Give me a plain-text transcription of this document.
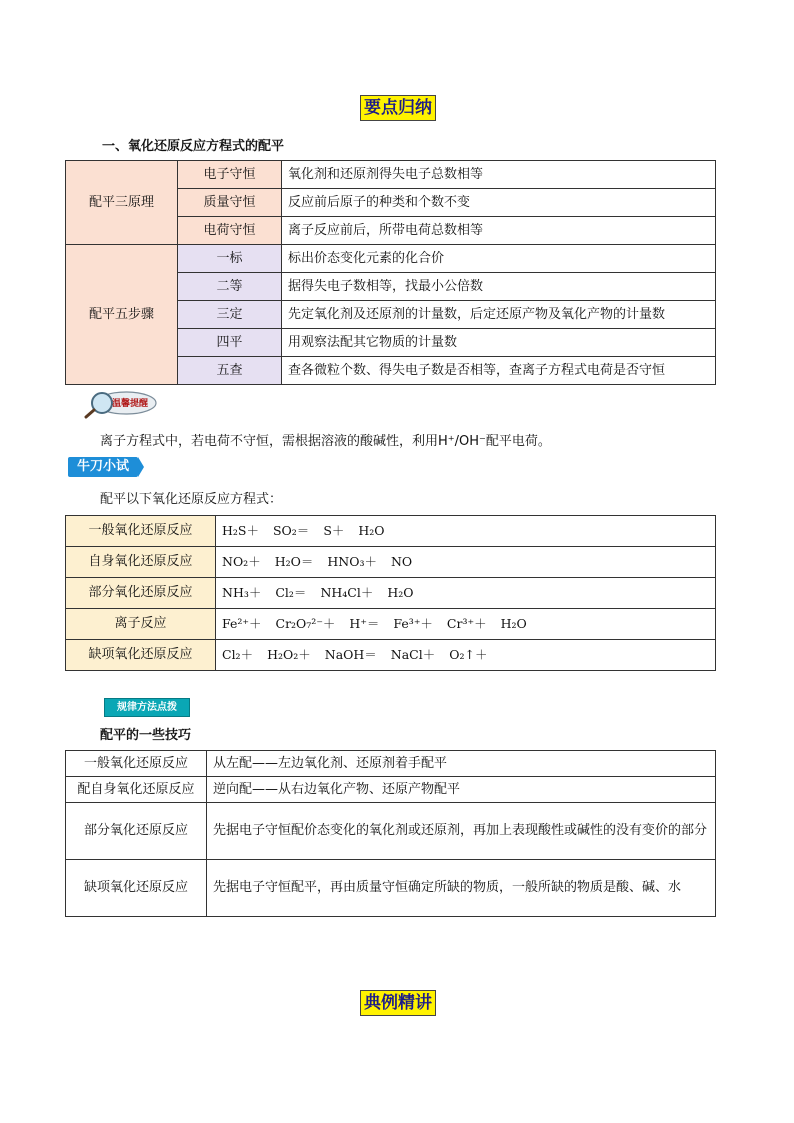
要点归纳
一、氧化还原反应方程式的配平
配平三原理	电子守恒	氧化剂和还原剂得失电子总数相等
	质量守恒	反应前后原子的种类和个数不变
	电荷守恒	离子反应前后，所带电荷总数相等
配平五步骤	一标	标出价态变化元素的化合价
	二等	据得失电子数相等，找最小公倍数
	三定	先定氧化剂及还原剂的计量数，后定还原产物及氧化产物的计量数
	四平	用观察法配其它物质的计量数
	五查	查各微粒个数、得失电子数是否相等，查离子方程式电荷是否守恒
温馨提醒
离子方程式中，若电荷不守恒，需根据溶液的酸碱性，利用H⁺/OH⁻配平电荷。
牛刀小试
配平以下氧化还原反应方程式：
一般氧化还原反应	H₂S＋ SO₂＝ S＋ H₂O
自身氧化还原反应	NO₂＋ H₂O＝ HNO₃＋ NO
部分氧化还原反应	NH₃＋ Cl₂＝ NH₄Cl＋ H₂O
离子反应	Fe²⁺＋ Cr₂O₇²⁻＋ H⁺＝ Fe³⁺＋ Cr³⁺＋ H₂O
缺项氧化还原反应	Cl₂＋ H₂O₂＋ NaOH＝ NaCl＋ O₂↑＋
规律方法点拨
配平的一些技巧
一般氧化还原反应	从左配——左边氧化剂、还原剂着手配平
配自身氧化还原反应	逆向配——从右边氧化产物、还原产物配平
部分氧化还原反应	先据电子守恒配价态变化的氧化剂或还原剂，再加上表现酸性或碱性的没有变价的部分
缺项氧化还原反应	先据电子守恒配平，再由质量守恒确定所缺的物质，一般所缺的物质是酸、碱、水
典例精讲
